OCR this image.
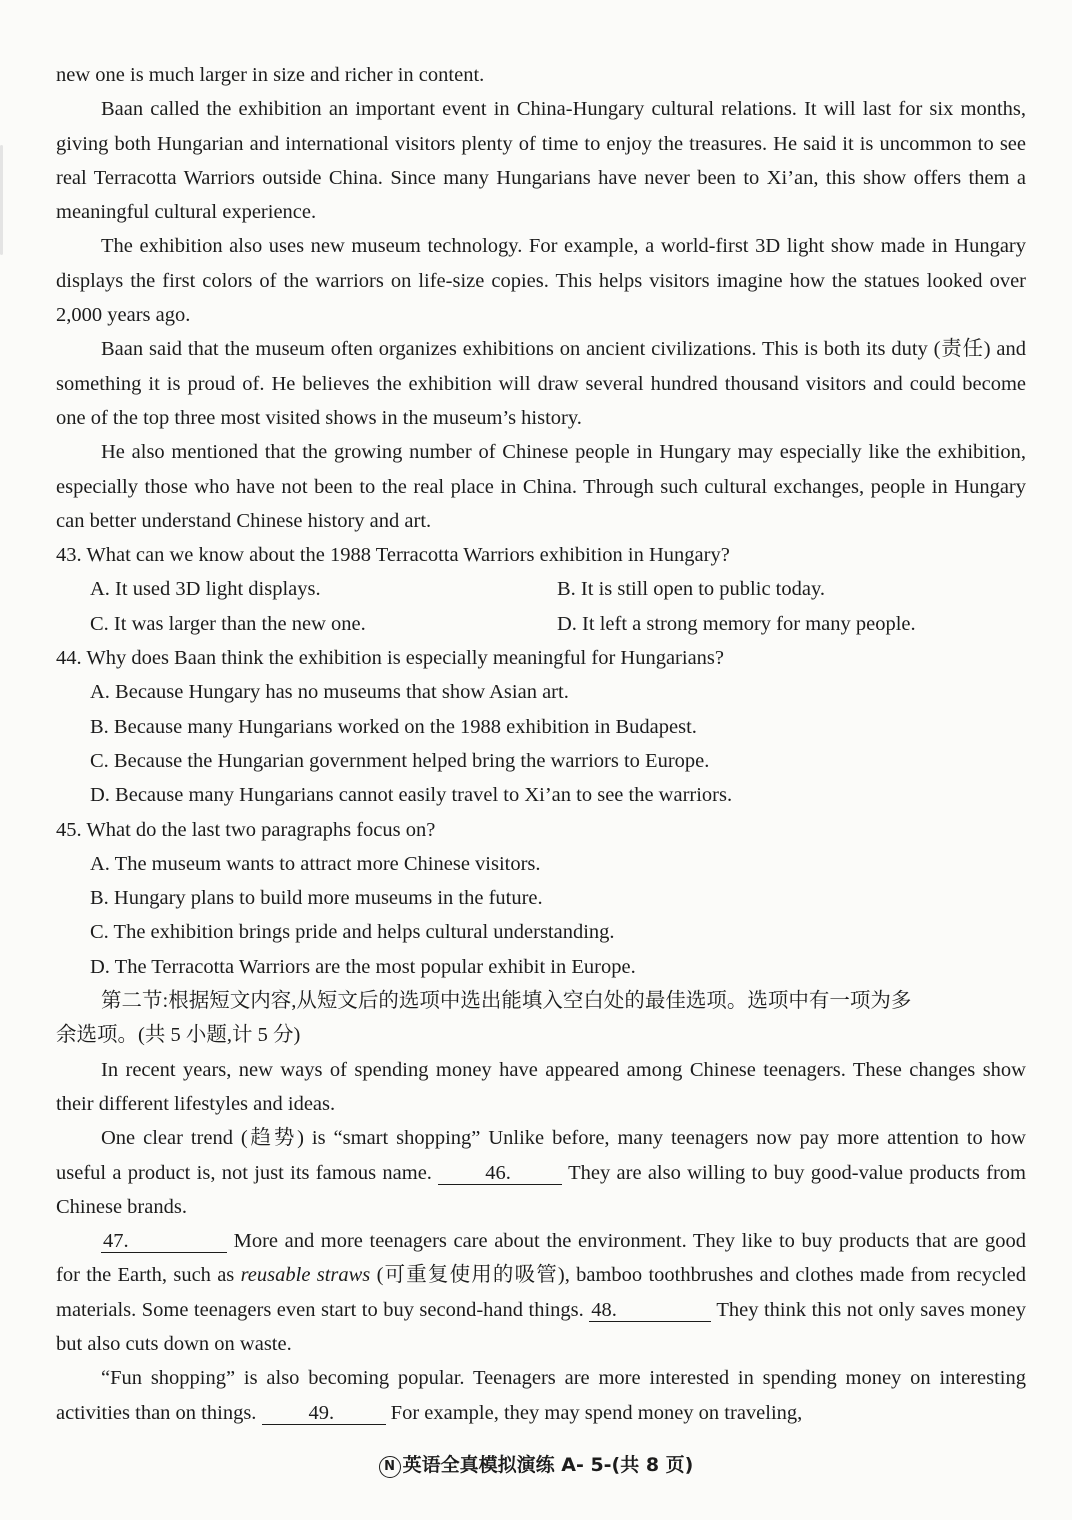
new one is much larger in size and richer in content.

Baan called the exhibition an important event in China-Hungary cultural relations. It will last for six months, giving both Hungarian and international visitors plenty of time to enjoy the treasures. He said it is uncommon to see real Terracotta Warriors outside China. Since many Hungarians have never been to Xi’an, this show offers them a meaningful cultural experience.

The exhibition also uses new museum technology. For example, a world-first 3D light show made in Hungary displays the first colors of the warriors on life-size copies. This helps visitors imagine how the statues looked over 2,000 years ago.

Baan said that the museum often organizes exhibitions on ancient civilizations. This is both its duty (责任) and something it is proud of. He believes the exhibition will draw several hundred thousand visitors and could become one of the top three most visited shows in the museum’s history.

He also mentioned that the growing number of Chinese people in Hungary may especially like the exhibition, especially those who have not been to the real place in China. Through such cultural exchanges, people in Hungary can better understand Chinese history and art.

43. What can we know about the 1988 Terracotta Warriors exhibition in Hungary?

A. It used 3D light displays.	B. It is still open to public today.
C. It was larger than the new one.	D. It left a strong memory for many people.

44. Why does Baan think the exhibition is especially meaningful for Hungarians?

A. Because Hungary has no museums that show Asian art.

B. Because many Hungarians worked on the 1988 exhibition in Budapest.

C. Because the Hungarian government helped bring the warriors to Europe.

D. Because many Hungarians cannot easily travel to Xi’an to see the warriors.

45. What do the last two paragraphs focus on?

A. The museum wants to attract more Chinese visitors.

B. Hungary plans to build more museums in the future.

C. The exhibition brings pride and helps cultural understanding.

D. The Terracotta Warriors are the most popular exhibit in Europe.

第二节:根据短文内容,从短文后的选项中选出能填入空白处的最佳选项。选项中有一项为多

余选项。(共 5 小题,计 5 分)

In recent years, new ways of spending money have appeared among Chinese teenagers. These changes show their different lifestyles and ideas.

One clear trend (趋势) is “smart shopping” Unlike before, many teenagers now pay more attention to how useful a product is, not just its famous name.	46.	They are also willing to buy good-value products from Chinese brands.

47.	More and more teenagers care about the environment. They like to buy products that are good for the Earth, such as reusable straws (可重复使用的吸管), bamboo toothbrushes and clothes made from recycled materials. Some teenagers even start to buy second-hand things. 48.	They think this not only saves money but also cuts down on waste.

“Fun shopping” is also becoming popular. Teenagers are more interested in spending money on interesting activities than on things.	49.	For example, they may spend money on traveling,

N 英语全真模拟演练 A- 5-(共 8 页)
